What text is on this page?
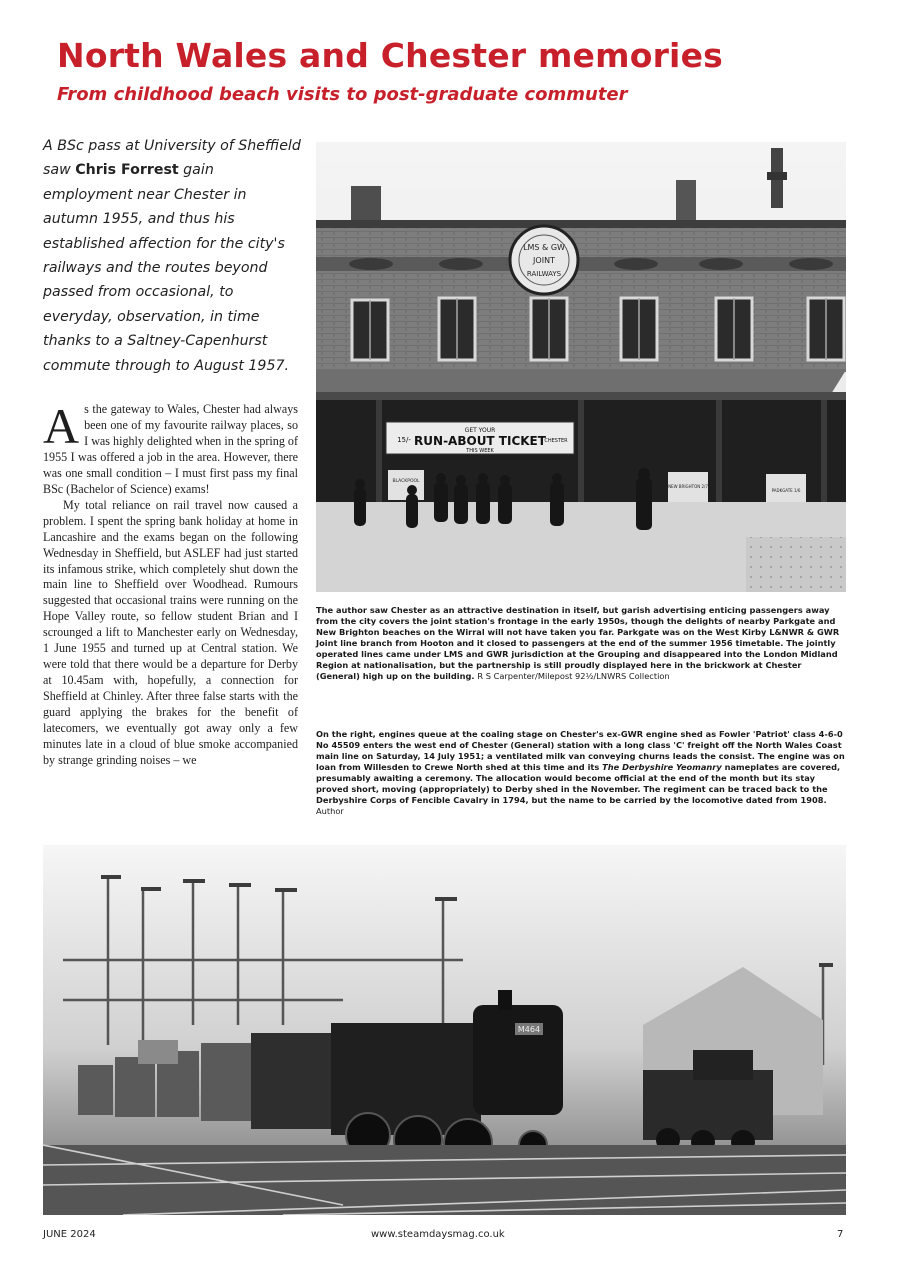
North Wales and Chester memories
From childhood beach visits to post-graduate commuter

A BSc pass at University of Sheffield saw Chris Forrest gain employment near Chester in autumn 1955, and thus his established affection for the city's railways and the routes beyond passed from occasional, to everyday, observation, in time thanks to a Saltney-Capenhurst commute through to August 1957.

As the gateway to Wales, Chester had always been one of my favourite railway places, so I was highly delighted when in the spring of 1955 I was offered a job in the area. However, there was one small condition – I must first pass my final BSc (Bachelor of Science) exams!

My total reliance on rail travel now caused a problem. I spent the spring bank holiday at home in Lancashire and the exams began on the following Wednesday in Sheffield, but ASLEF had just started its infamous strike, which completely shut down the main line to Sheffield over Woodhead. Rumours suggested that occasional trains were running on the Hope Valley route, so fellow student Brian and I scrounged a lift to Manchester early on Wednesday, 1 June 1955 and turned up at Central station. We were told that there would be a departure for Derby at 10.45am with, hopefully, a connection for Sheffield at Chinley. After three false starts with the guard applying the brakes for the benefit of latecomers, we eventually got away only a few minutes late in a cloud of blue smoke accompanied by strange grinding noises – we

LMS & GW
JOINT
RAILWAYS
GET YOUR
RUN-ABOUT TICKET
THIS WEEK
15/-	CHESTER
BLACKPOOL
NEW BRIGHTON 2/7
PADKGATE 1/6

The author saw Chester as an attractive destination in itself, but garish advertising enticing passengers away from the city covers the joint station's frontage in the early 1950s, though the delights of nearby Parkgate and New Brighton beaches on the Wirral will not have taken you far. Parkgate was on the West Kirby L&NWR & GWR Joint line branch from Hooton and it closed to passengers at the end of the summer 1956 timetable. The jointly operated lines came under LMS and GWR jurisdiction at the Grouping and disappeared into the London Midland Region at nationalisation, but the partnership is still proudly displayed here in the brickwork at Chester (General) high up on the building. R S Carpenter/Milepost 92½/LNWRS Collection

On the right, engines queue at the coaling stage on Chester's ex-GWR engine shed as Fowler 'Patriot' class 4-6-0 No 45509 enters the west end of Chester (General) station with a long class 'C' freight off the North Wales Coast main line on Saturday, 14 July 1951; a ventilated milk van conveying churns leads the consist. The engine was on loan from Willesden to Crewe North shed at this time and its The Derbyshire Yeomanry nameplates are covered, presumably awaiting a ceremony. The allocation would become official at the end of the month but its stay proved short, moving (appropriately) to Derby shed in the November. The regiment can be traced back to the Derbyshire Corps of Fencible Cavalry in 1794, but the name to be carried by the locomotive dated from 1908. Author

M464
JUNE 2024	www.steamdaysmag.co.uk	7
